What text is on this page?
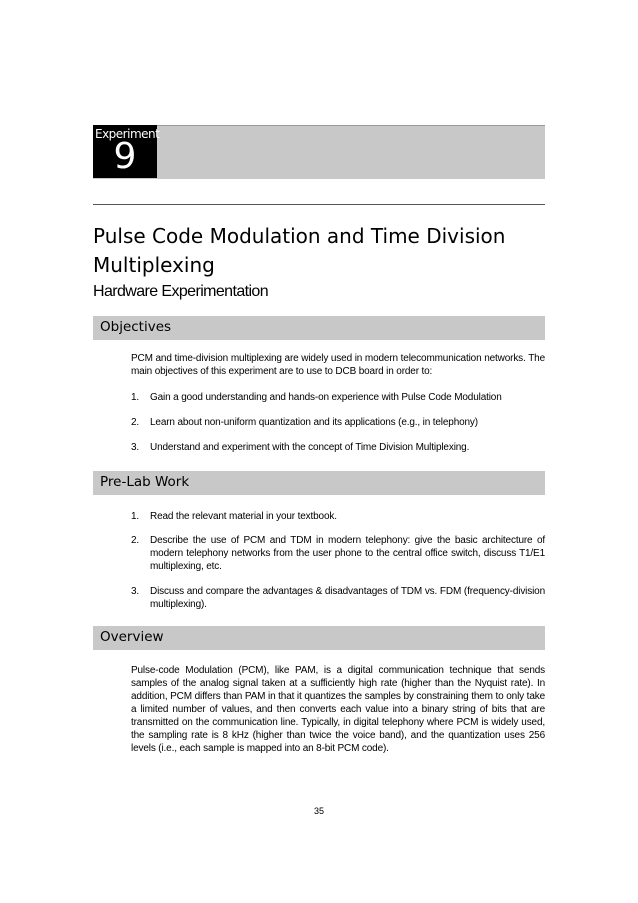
Experiment
9
Pulse Code Modulation and Time Division Multiplexing
Hardware Experimentation
Objectives
PCM and time-division multiplexing are widely used in modern telecommunication networks. The main objectives of this experiment are to use to DCB board in order to:
1. Gain a good understanding and hands-on experience with Pulse Code Modulation
2. Learn about non-uniform quantization and its applications (e.g., in telephony)
3. Understand and experiment with the concept of Time Division Multiplexing.
Pre-Lab Work
1. Read the relevant material in your textbook.
2. Describe the use of PCM and TDM in modern telephony: give the basic architecture of modern telephony networks from the user phone to the central office switch, discuss T1/E1 multiplexing, etc.
3. Discuss and compare the advantages & disadvantages of TDM vs. FDM (frequency-division multiplexing).
Overview
Pulse-code Modulation (PCM), like PAM, is a digital communication technique that sends samples of the analog signal taken at a sufficiently high rate (higher than the Nyquist rate). In addition, PCM differs than PAM in that it quantizes the samples by constraining them to only take a limited number of values, and then converts each value into a binary string of bits that are transmitted on the communication line. Typically, in digital telephony where PCM is widely used, the sampling rate is 8 kHz (higher than twice the voice band), and the quantization uses 256 levels (i.e., each sample is mapped into an 8-bit PCM code).
35
